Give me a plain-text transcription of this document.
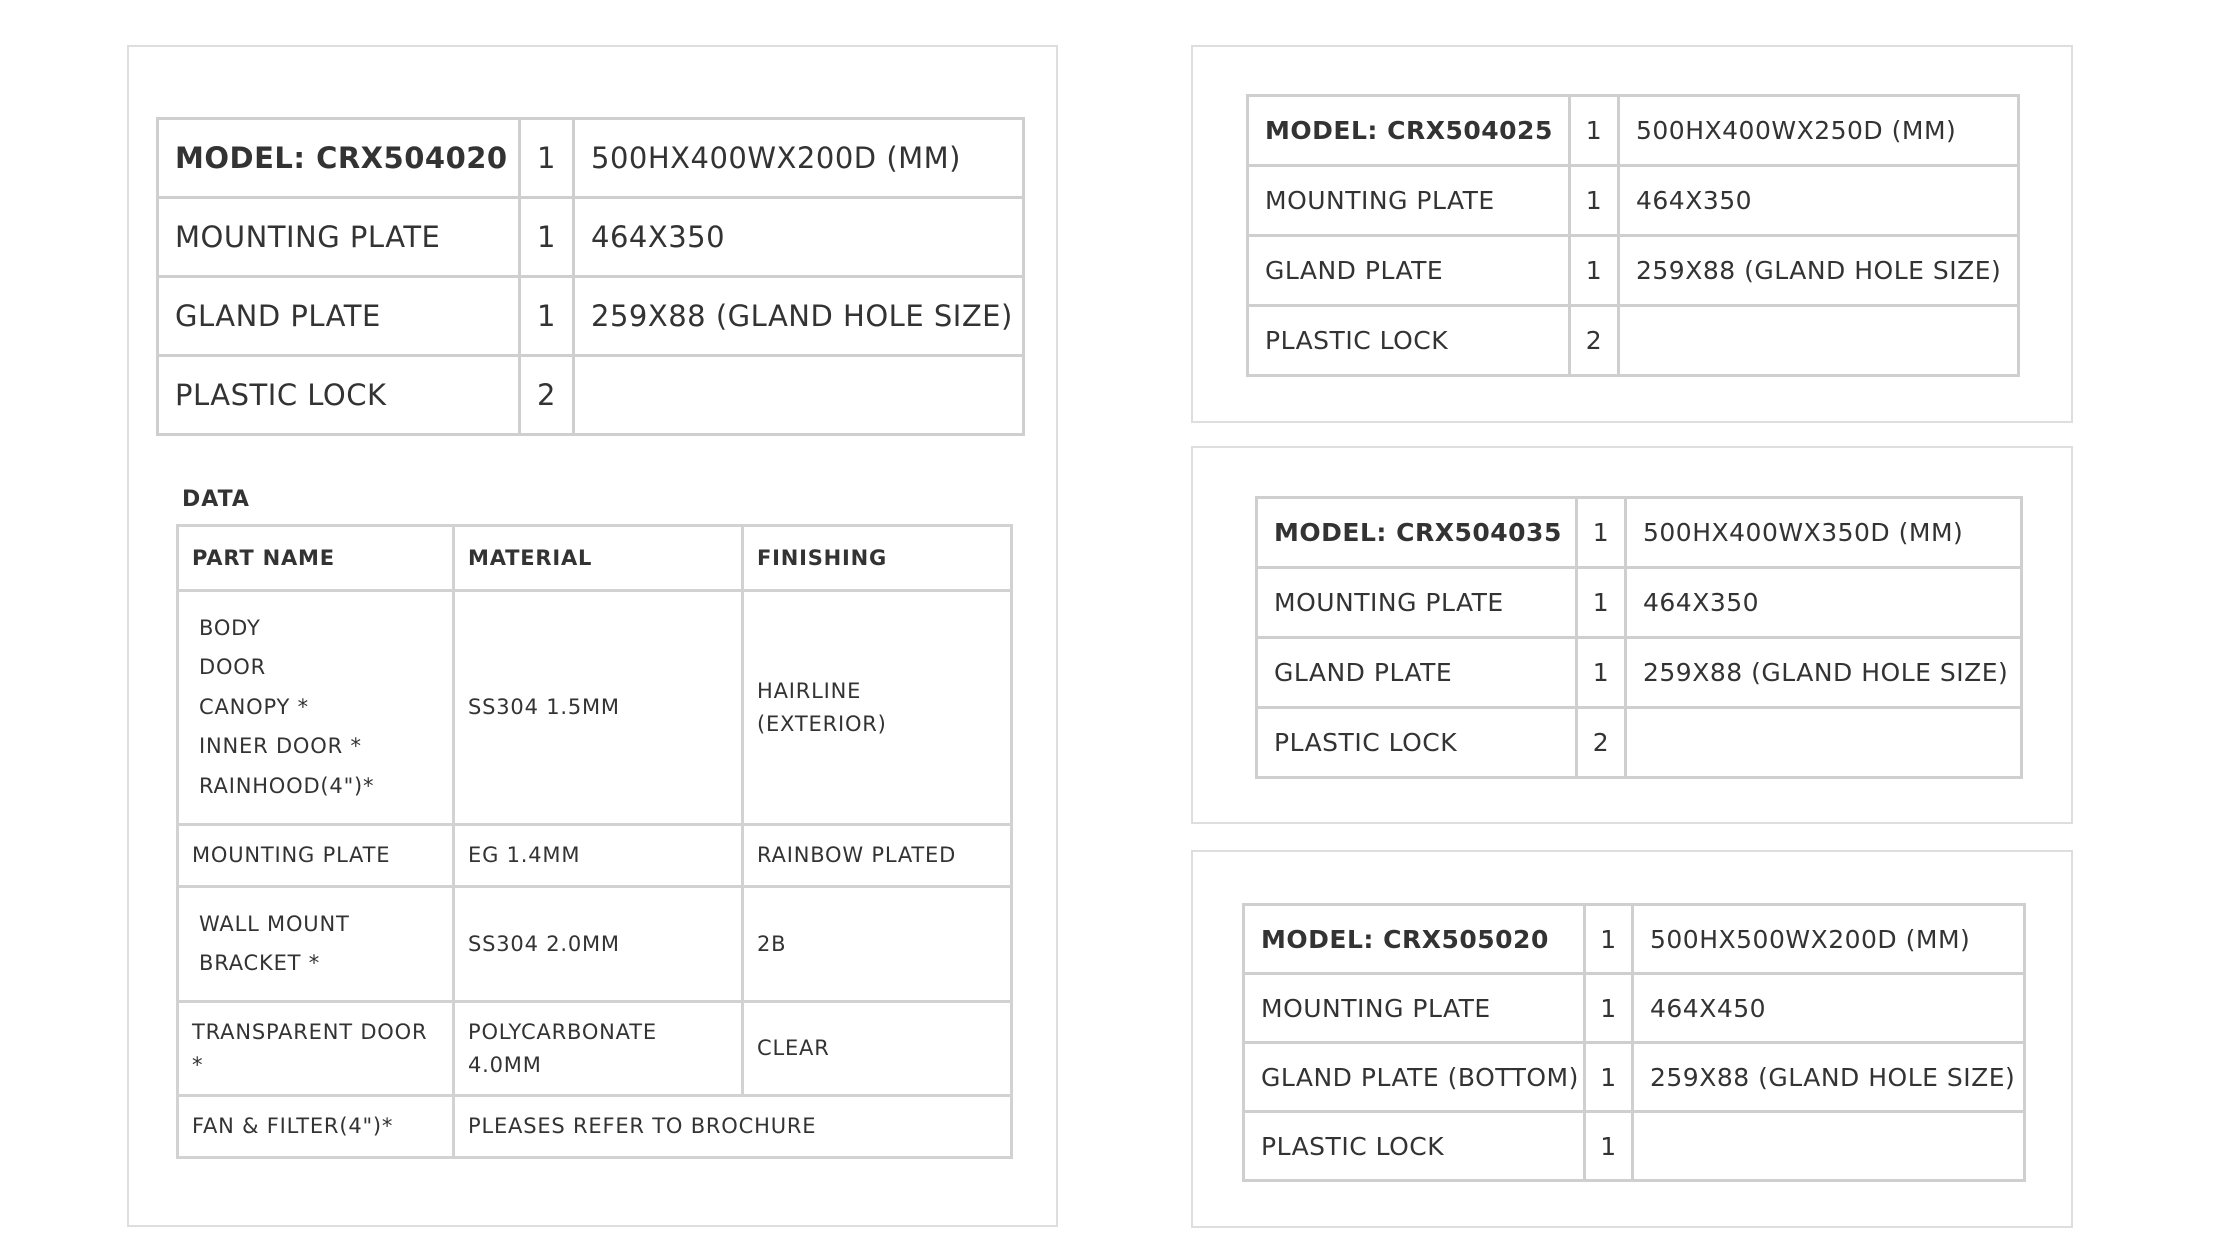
MODEL: CRX504020	1	500HX400WX200D (MM)
MOUNTING PLATE	1	464X350
GLAND PLATE	1	259X88 (GLAND HOLE SIZE)
PLASTIC LOCK	2	
DATA
PART NAME	MATERIAL	FINISHING

BODY
DOOR
CANOPY *
INNER DOOR *
RAINHOOD(4")*	SS304 1.5MM	HAIRLINE (EXTERIOR)

MOUNTING PLATE	EG 1.4MM	RAINBOW PLATED

WALL MOUNT
BRACKET *	SS304 2.0MM	2B

TRANSPARENT DOOR *	POLYCARBONATE 4.0MM	CLEAR
FAN & FILTER(4")*	PLEASES REFER TO BROCHURE	
MODEL: CRX504025	1	500HX400WX250D (MM)
MOUNTING PLATE	1	464X350
GLAND PLATE	1	259X88 (GLAND HOLE SIZE)
PLASTIC LOCK	2	
MODEL: CRX504035	1	500HX400WX350D (MM)
MOUNTING PLATE	1	464X350
GLAND PLATE	1	259X88 (GLAND HOLE SIZE)
PLASTIC LOCK	2	
MODEL: CRX505020	1	500HX500WX200D (MM)
MOUNTING PLATE	1	464X450
GLAND PLATE (BOTTOM)	1	259X88 (GLAND HOLE SIZE)
PLASTIC LOCK	1	
